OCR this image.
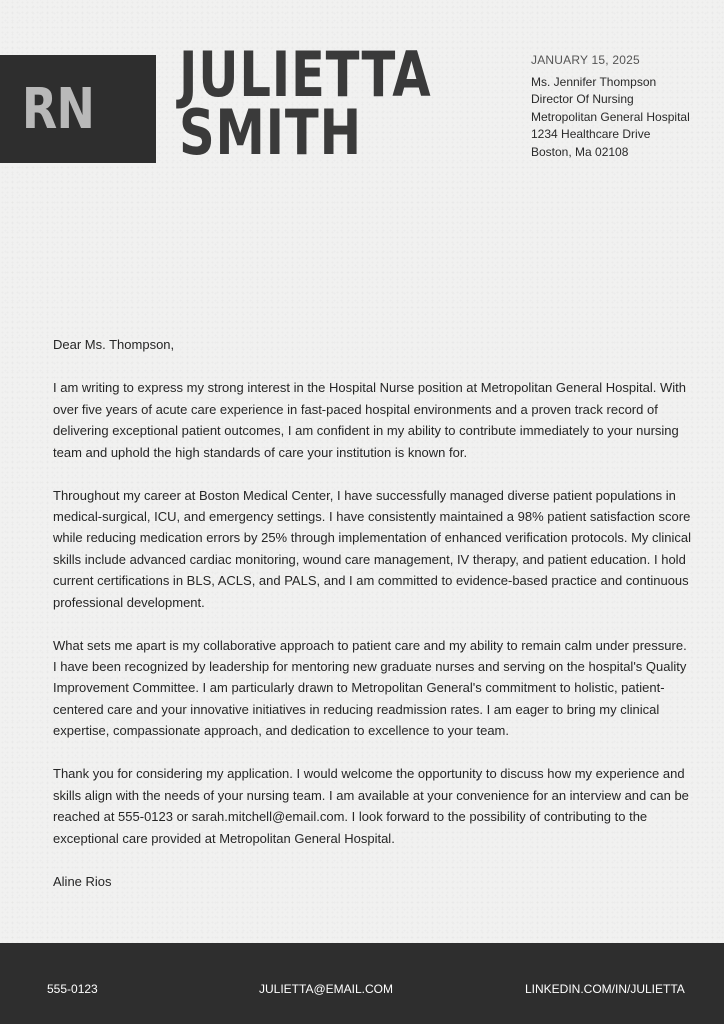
RN JULIETTA
SMITH
JANUARY 15, 2025
Ms. Jennifer Thompson
Director Of Nursing
Metropolitan General Hospital
1234 Healthcare Drive
Boston, Ma 02108

Dear Ms. Thompson,

I am writing to express my strong interest in the Hospital Nurse position at Metropolitan General Hospital. With over five years of acute care experience in fast-paced hospital environments and a proven track record of delivering exceptional patient outcomes, I am confident in my ability to contribute immediately to your nursing team and uphold the high standards of care your institution is known for.

Throughout my career at Boston Medical Center, I have successfully managed diverse patient populations in medical-surgical, ICU, and emergency settings. I have consistently maintained a 98% patient satisfaction score while reducing medication errors by 25% through implementation of enhanced verification protocols. My clinical skills include advanced cardiac monitoring, wound care management, IV therapy, and patient education. I hold current certifications in BLS, ACLS, and PALS, and I am committed to evidence-based practice and continuous professional development.

What sets me apart is my collaborative approach to patient care and my ability to remain calm under pressure. I have been recognized by leadership for mentoring new graduate nurses and serving on the hospital's Quality Improvement Committee. I am particularly drawn to Metropolitan General's commitment to holistic, patient-centered care and your innovative initiatives in reducing readmission rates. I am eager to bring my clinical expertise, compassionate approach, and dedication to excellence to your team.

Thank you for considering my application. I would welcome the opportunity to discuss how my experience and skills align with the needs of your nursing team. I am available at your convenience for an interview and can be reached at 555-0123 or sarah.mitchell@email.com. I look forward to the possibility of contributing to the exceptional care provided at Metropolitan General Hospital.

Aline Rios

555-0123	JULIETTA@EMAIL.COM	LINKEDIN.COM/IN/JULIETTA
